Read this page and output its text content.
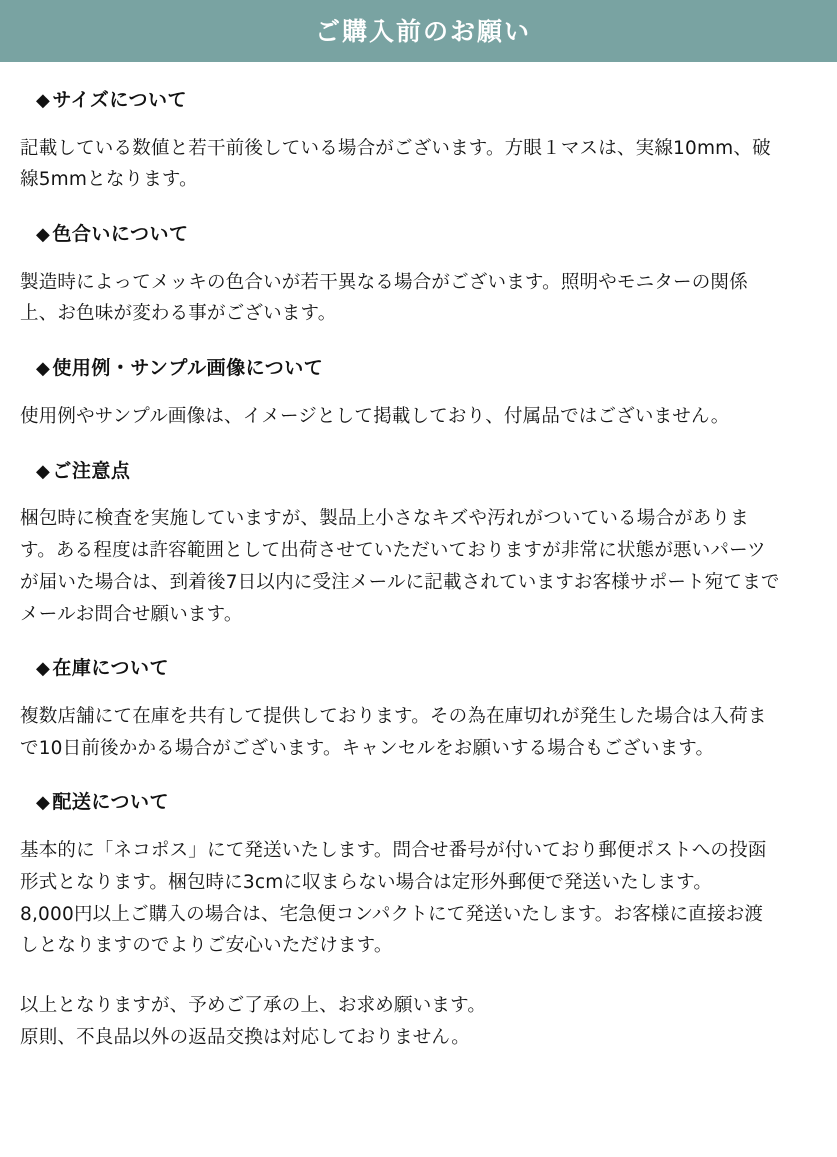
ご購入前のお願い
◆ サイズについて
記載している数値と若干前後している場合がございます。方眼１マスは、実線10mm、破
線5mmとなります。
◆ 色合いについて
製造時によってメッキの色合いが若干異なる場合がございます。照明やモニターの関係
上、お色味が変わる事がございます。
◆ 使用例・サンプル画像について
使用例やサンプル画像は、イメージとして掲載しており、付属品ではございません。
◆ ご注意点
梱包時に検査を実施していますが、製品上小さなキズや汚れがついている場合がありま
す。ある程度は許容範囲として出荷させていただいておりますが非常に状態が悪いパーツ
が届いた場合は、到着後7日以内に受注メールに記載されていますお客様サポート宛てまで
メールお問合せ願います。
◆ 在庫について
複数店舗にて在庫を共有して提供しております。その為在庫切れが発生した場合は入荷ま
で10日前後かかる場合がございます。キャンセルをお願いする場合もございます。
◆ 配送について
基本的に「ネコポス」にて発送いたします。問合せ番号が付いており郵便ポストへの投函
形式となります。梱包時に3cmに収まらない場合は定形外郵便で発送いたします。
8,000円以上ご購入の場合は、宅急便コンパクトにて発送いたします。お客様に直接お渡
しとなりますのでよりご安心いただけます。
以上となりますが、予めご了承の上、お求め願います。
原則、不良品以外の返品交換は対応しておりません。
